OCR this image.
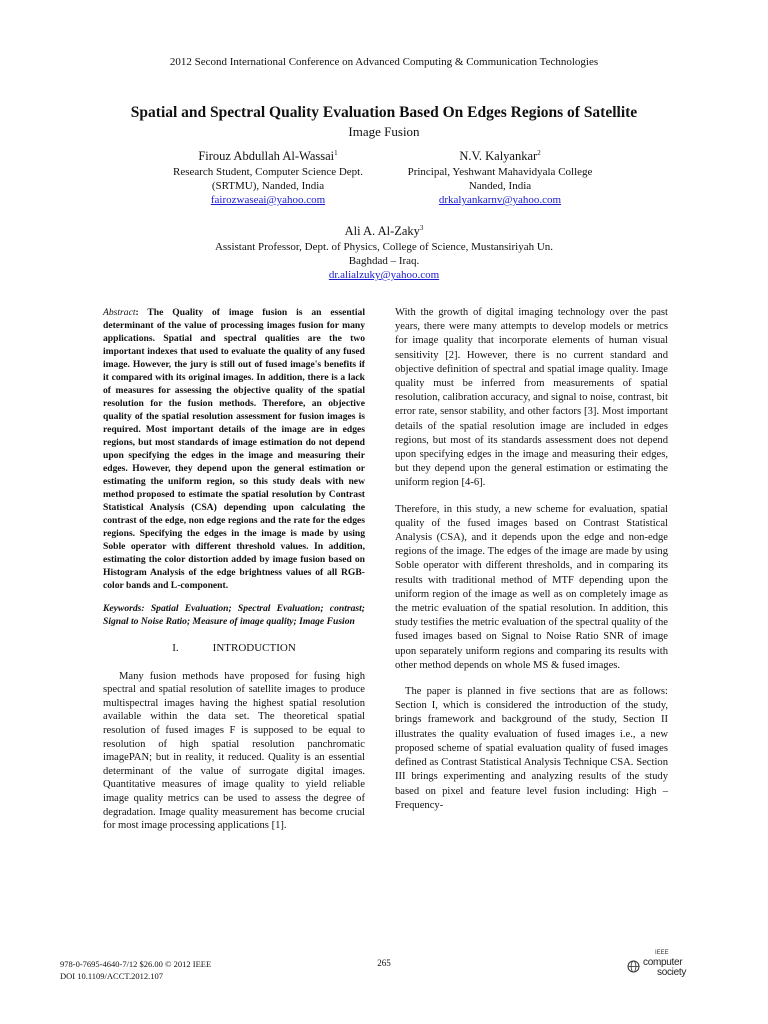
2012 Second International Conference on Advanced Computing & Communication Technologies
Spatial and Spectral Quality Evaluation Based On Edges Regions of Satellite
Image Fusion
Firouz Abdullah Al-Wassai$^1$
Research Student, Computer Science Dept.
(SRTMU), Nanded, India
fairozwaseai@yahoo.com
N.V. Kalyankar$^2$
Principal, Yeshwant Mahavidyala College
Nanded, India
drkalyankarnv@yahoo.com
Ali A. Al-Zaky$^3$
Assistant Professor, Dept. of Physics, College of Science, Mustansiriyah Un.
Baghdad – Iraq.
dr.alialzuky@yahoo.com
Abstract: The Quality of image fusion is an essential determinant of the value of processing images fusion for many applications. Spatial and spectral qualities are the two important indexes that used to evaluate the quality of any fused image. However, the jury is still out of fused image's benefits if it compared with its original images. In addition, there is a lack of measures for assessing the objective quality of the spatial resolution for the fusion methods. Therefore, an objective quality of the spatial resolution assessment for fusion images is required. Most important details of the image are in edges regions, but most standards of image estimation do not depend upon specifying the edges in the image and measuring their edges. However, they depend upon the general estimation or estimating the uniform region, so this study deals with new method proposed to estimate the spatial resolution by Contrast Statistical Analysis (CSA) depending upon calculating the contrast of the edge, non edge regions and the rate for the edges regions. Specifying the edges in the image is made by using Soble operator with different threshold values. In addition, estimating the color distortion added by image fusion based on Histogram Analysis of the edge brightness values of all RGB-color bands and L-component.
Keywords: Spatial Evaluation; Spectral Evaluation; contrast; Signal to Noise Ratio; Measure of image quality; Image Fusion
I.	INTRODUCTION
Many fusion methods have proposed for fusing high spectral and spatial resolution of satellite images to produce multispectral images having the highest spatial resolution available within the data set. The theoretical spatial resolution of fused images F is supposed to be equal to resolution of high spatial resolution panchromatic imagePAN; but in reality, it reduced. Quality is an essential determinant of the value of surrogate digital images. Quantitative measures of image quality to yield reliable image quality metrics can be used to assess the degree of degradation. Image quality measurement has become crucial for most image processing applications [1].
With the growth of digital imaging technology over the past years, there were many attempts to develop models or metrics for image quality that incorporate elements of human visual sensitivity [2]. However, there is no current standard and objective definition of spectral and spatial image quality. Image quality must be inferred from measurements of spatial resolution, calibration accuracy, and signal to noise, contrast, bit error rate, sensor stability, and other factors [3]. Most important details of the spatial resolution image are included in edges regions, but most of its standards assessment does not depend upon specifying edges in the image and measuring their edges, but they depend upon the general estimation or estimating the uniform region [4-6].
Therefore, in this study, a new scheme for evaluation, spatial quality of the fused images based on Contrast Statistical Analysis (CSA), and it depends upon the edge and non-edge regions of the image. The edges of the image are made by using Soble operator with different thresholds, and in comparing its results with traditional method of MTF depending upon the uniform region of the image as well as on completely image as the metric evaluation of the spatial resolution. In addition, this study testifies the metric evaluation of the spectral quality of the fused images based on Signal to Noise Ratio SNR of image upon separately uniform regions and comparing its results with other method depends on whole MS & fused images.
The paper is planned in five sections that are as follows: Section I, which is considered the introduction of the study, brings framework and background of the study, Section II illustrates the quality evaluation of fused images i.e., a new proposed scheme of spatial evaluation quality of fused images defined as Contrast Statistical Analysis Technique CSA. Section III brings experimenting and analyzing results of the study based on pixel and feature level fusion including: High –Frequency-
978-0-7695-4640-7/12 $26.00 © 2012 IEEE
DOI 10.1109/ACCT.2012.107
265
IEEE
computer
society
